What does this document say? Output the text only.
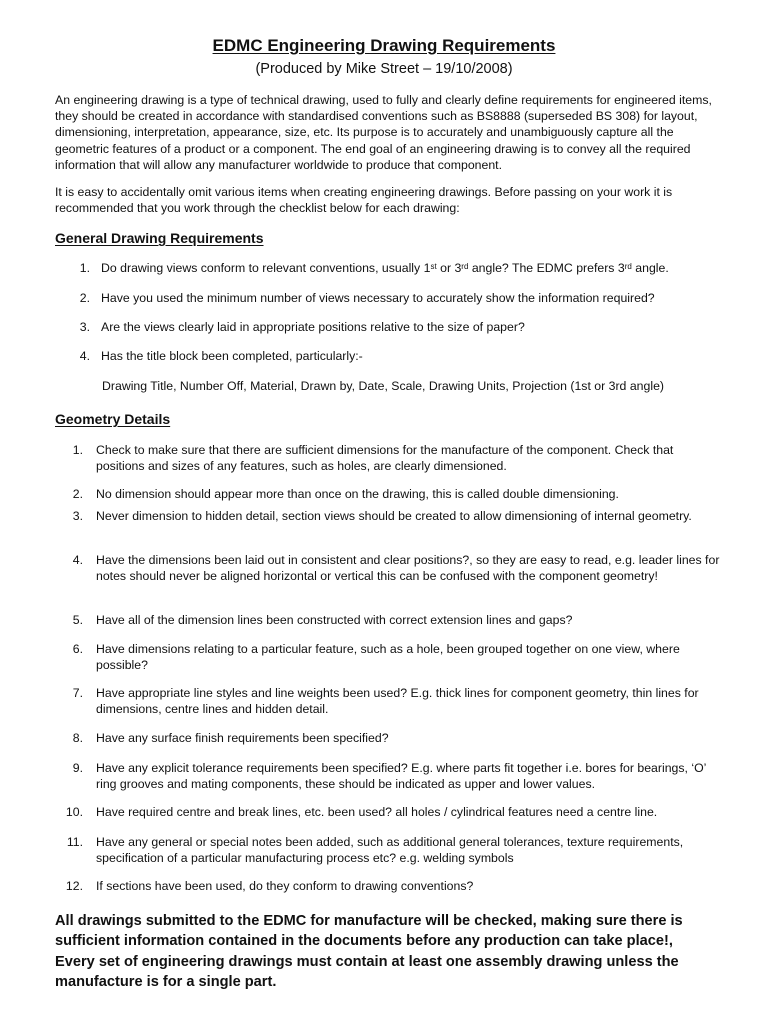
EDMC Engineering Drawing Requirements
(Produced by Mike Street – 19/10/2008)
An engineering drawing is a type of technical drawing, used to fully and clearly define requirements for engineered items, they should be created in accordance with standardised conventions such as BS8888 (superseded BS 308) for layout, dimensioning, interpretation, appearance, size, etc. Its purpose is to accurately and unambiguously capture all the geometric features of a product or a component. The end goal of an engineering drawing is to convey all the required information that will allow any manufacturer worldwide to produce that component.
It is easy to accidentally omit various items when creating engineering drawings. Before passing on your work it is recommended that you work through the checklist below for each drawing:
General Drawing Requirements
1. Do drawing views conform to relevant conventions, usually 1st or 3rd angle? The EDMC prefers 3rd angle.
2. Have you used the minimum number of views necessary to accurately show the information required?
3. Are the views clearly laid in appropriate positions relative to the size of paper?
4. Has the title block been completed, particularly:-
Drawing Title, Number Off, Material, Drawn by, Date, Scale, Drawing Units, Projection (1st or 3rd angle)
Geometry Details
1. Check to make sure that there are sufficient dimensions for the manufacture of the component. Check that positions and sizes of any features, such as holes, are clearly dimensioned.
2. No dimension should appear more than once on the drawing, this is called double dimensioning.
3. Never dimension to hidden detail, section views should be created to allow dimensioning of internal geometry.
4. Have the dimensions been laid out in consistent and clear positions?, so they are easy to read, e.g. leader lines for notes should never be aligned horizontal or vertical this can be confused with the component geometry!
5. Have all of the dimension lines been constructed with correct extension lines and gaps?
6. Have dimensions relating to a particular feature, such as a hole, been grouped together on one view, where possible?
7. Have appropriate line styles and line weights been used? E.g. thick lines for component geometry, thin lines for dimensions, centre lines and hidden detail.
8. Have any surface finish requirements been specified?
9. Have any explicit tolerance requirements been specified? E.g. where parts fit together i.e. bores for bearings, ‘O’ ring grooves and mating components, these should be indicated as upper and lower values.
10. Have required centre and break lines, etc. been used? all holes / cylindrical features need a centre line.
11. Have any general or special notes been added, such as additional general tolerances, texture requirements, specification of a particular manufacturing process etc? e.g. welding symbols
12. If sections have been used, do they conform to drawing conventions?
All drawings submitted to the EDMC for manufacture will be checked, making sure there is sufficient information contained in the documents before any production can take place!, Every set of engineering drawings must contain at least one assembly drawing unless the manufacture is for a single part.
